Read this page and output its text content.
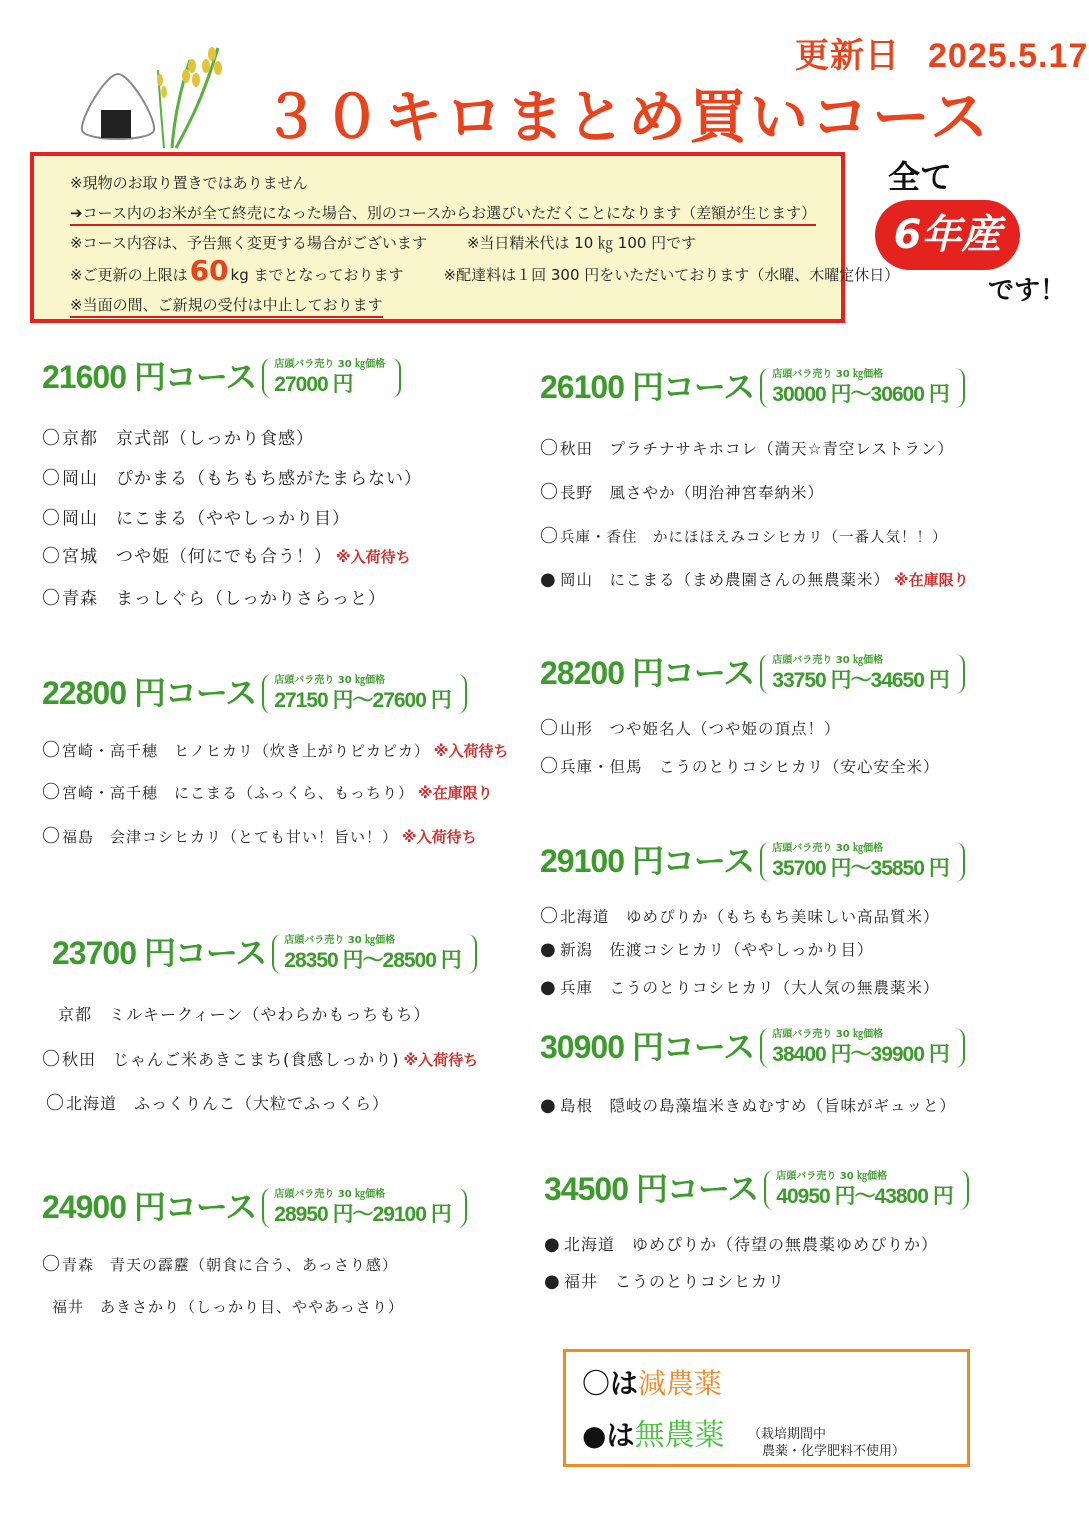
更新日 2025.5.17
３０キロまとめ買いコース
※現物のお取り置きではありません
➔コース内のお米が全て終売になった場合、別のコースからお選びいただくことになります（差額が生じます）
※コース内容は、予告無く変更する場合がございます	※当日精米代は 10 ㎏ 100 円です
※ご更新の上限は60 kg までとなっております	※配達料は１回 300 円をいただいております（水曜、木曜定休日）
※当面の間、ご新規の受付は中止しております
全て
6年産
です！
21600 円コース 店頭バラ売り 30 ㎏価格
27000 円
〇京都　京式部（しっかり食感）
〇岡山　ぴかまる（もちもち感がたまらない）
〇岡山　にこまる（ややしっかり目）
〇宮城　つや姫（何にでも合う！） ※入荷待ち
〇青森　まっしぐら（しっかりさらっと）
22800 円コース 店頭バラ売り 30 ㎏価格
27150 円～27600 円
〇宮崎・高千穂　ヒノヒカリ（炊き上がりピカピカ） ※入荷待ち
〇宮崎・高千穂　にこまる（ふっくら、もっちり） ※在庫限り
〇福島　会津コシヒカリ（とても甘い！旨い！） ※入荷待ち
23700 円コース 店頭バラ売り 30 ㎏価格
28350 円～28500 円
京都　ミルキークィーン（やわらかもっちもち）
〇秋田　じゃんご米あきこまち(食感しっかり) ※入荷待ち
〇北海道　ふっくりんこ（大粒でふっくら）
24900 円コース 店頭バラ売り 30 ㎏価格
28950 円～29100 円
〇青森　青天の霹靂（朝食に合う、あっさり感）
福井　あきさかり（しっかり目、ややあっさり）
26100 円コース 店頭バラ売り 30 ㎏価格
30000 円～30600 円
〇秋田　プラチナサキホコレ（満天☆青空レストラン）
〇長野　風さやか（明治神宮奉納米）
〇兵庫・香住　かにほほえみコシヒカリ（一番人気！！）
● 岡山　にこまる（まめ農園さんの無農薬米） ※在庫限り
28200 円コース 店頭バラ売り 30 ㎏価格
33750 円～34650 円
〇山形　つや姫名人（つや姫の頂点！）
〇兵庫・但馬　こうのとりコシヒカリ（安心安全米）
29100 円コース 店頭バラ売り 30 ㎏価格
35700 円～35850 円
〇北海道　ゆめぴりか（もちもち美味しい高品質米）
● 新潟　佐渡コシヒカリ（ややしっかり目）
● 兵庫　こうのとりコシヒカリ（大人気の無農薬米）
30900 円コース 店頭バラ売り 30 ㎏価格
38400 円～39900 円
● 島根　隠岐の島藻塩米きぬむすめ（旨味がギュッと）
34500 円コース 店頭バラ売り 30 ㎏価格
40950 円～43800 円
● 北海道　ゆめぴりか（待望の無農薬ゆめぴりか）
● 福井　こうのとりコシヒカリ
〇は減農薬
●は無農薬 （栽培期間中
農薬・化学肥料不使用）
